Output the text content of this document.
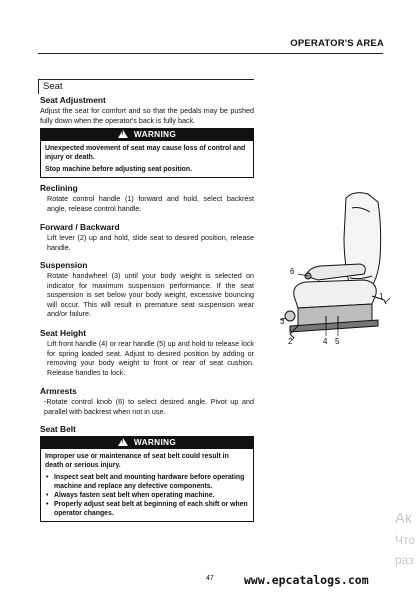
OPERATOR'S AREA
Seat
Seat Adjustment

Adjust the seat for comfort and so that the pedals may be pushed fully down when the operator's back is fully back.

!WARNING

Unexpected movement of seat may cause loss of control and injury or death.

Stop machine before adjusting seat position.

Reclining

Rotate control handle (1) forward and hold, select backrest angle, release control handle.

Forward / Backward

Lift lever (2) up and hold, slide seat to desired position, release handle.

Suspension

Rotate handwheel (3) until your body weight is selected on indicator for maximum suspension performance. If the seat suspension is set below your body weight, excessive bouncing will occur. This will result in premature seat suspension wear and/or failure.

Seat Height

Lift front handle (4) or rear handle (5) up and hold to release lock for spring loaded seat. Adjust to desired position by adding or removing your body weight to front or rear of seat cushion. Release handles to lock.

Armrests

-Rotate control knob (6) to select desired angle. Pivot up and parallel with backrest when not in use.

Seat Belt
!WARNING

Improper use or maintenance of seat belt could result in death or serious injury.

• Inspect seat belt and mounting hardware before operating machine and replace any defective components.
• Always fasten seat belt when operating machine.
• Properly adjust seat belt at beginning of each shift or when operator changes.
1
6
3
2	4 5
47	www.epcatalogs.com
Ак
Что
раз
